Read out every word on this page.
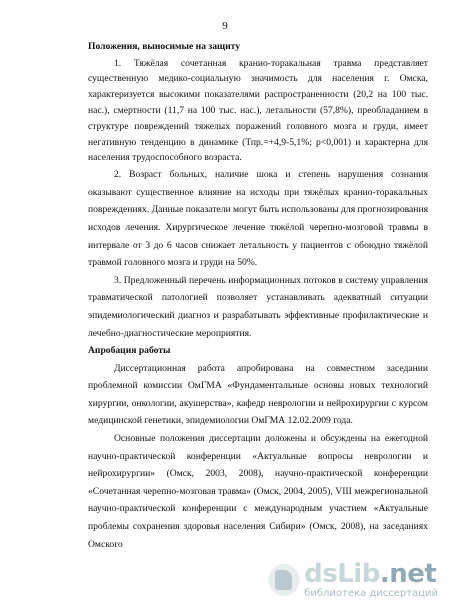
9

Положения, выносимые на защиту

1. Тяжёлая сочетанная кранио-торакальная травма представляет существенную медико-социальную значимость для населения г. Омска, характеризуется высокими показателями распространенности (20,2 на 100 тыс. нас.), смертности (11,7 на 100 тыс. нас.), летальности (57,8%), преобладанием в структуре повреждений тяжелых поражений головного мозга и груди, имеет негативную тенденцию в динамике (Тпр.=+4,9-5,1%; p<0,001) и характерна для населения трудоспособного возраста.

2. Возраст больных, наличие шока и степень нарушения сознания оказывают существенное влияние на исходы при тяжёлых кранио-торакальных повреждениях. Данные показатели могут быть использованы для прогнозирования исходов лечения. Хирургическое лечение тяжёлой черепно-мозговой травмы в интервале от 3 до 6 часов снижает летальность у пациентов с обоюдно тяжёлой травмой головного мозга и груди на 50%.

3. Предложенный перечень информационных потоков в систему управления травматической патологией позволяет устанавливать адекватный ситуации эпидемиологический диагноз и разрабатывать эффективные профилактические и лечебно-диагностические мероприятия.

Апробация работы

Диссертационная работа апробирована на совместном заседании проблемной комиссии ОмГМА «Фундаментальные основы новых технологий хирургии, онкологии, акушерства», кафедр неврологии и нейрохирургии с курсом медицинской генетики, эпидемиологии ОмГМА 12.02.2009 года.

Основные положения диссертации доложены и обсуждены на ежегодной научно-практической конференции «Актуальные вопросы неврологии и нейрохирургии» (Омск, 2003, 2008), научно-практической конференции «Сочетанная черепно-мозговая травма» (Омск, 2004, 2005), VIII межрегиональной научно-практической конференции с международным участием «Актуальные проблемы сохранения здоровья населения Сибири» (Омск, 2008), на заседаниях Омского

dsLib.net
библиотека диссертаций
